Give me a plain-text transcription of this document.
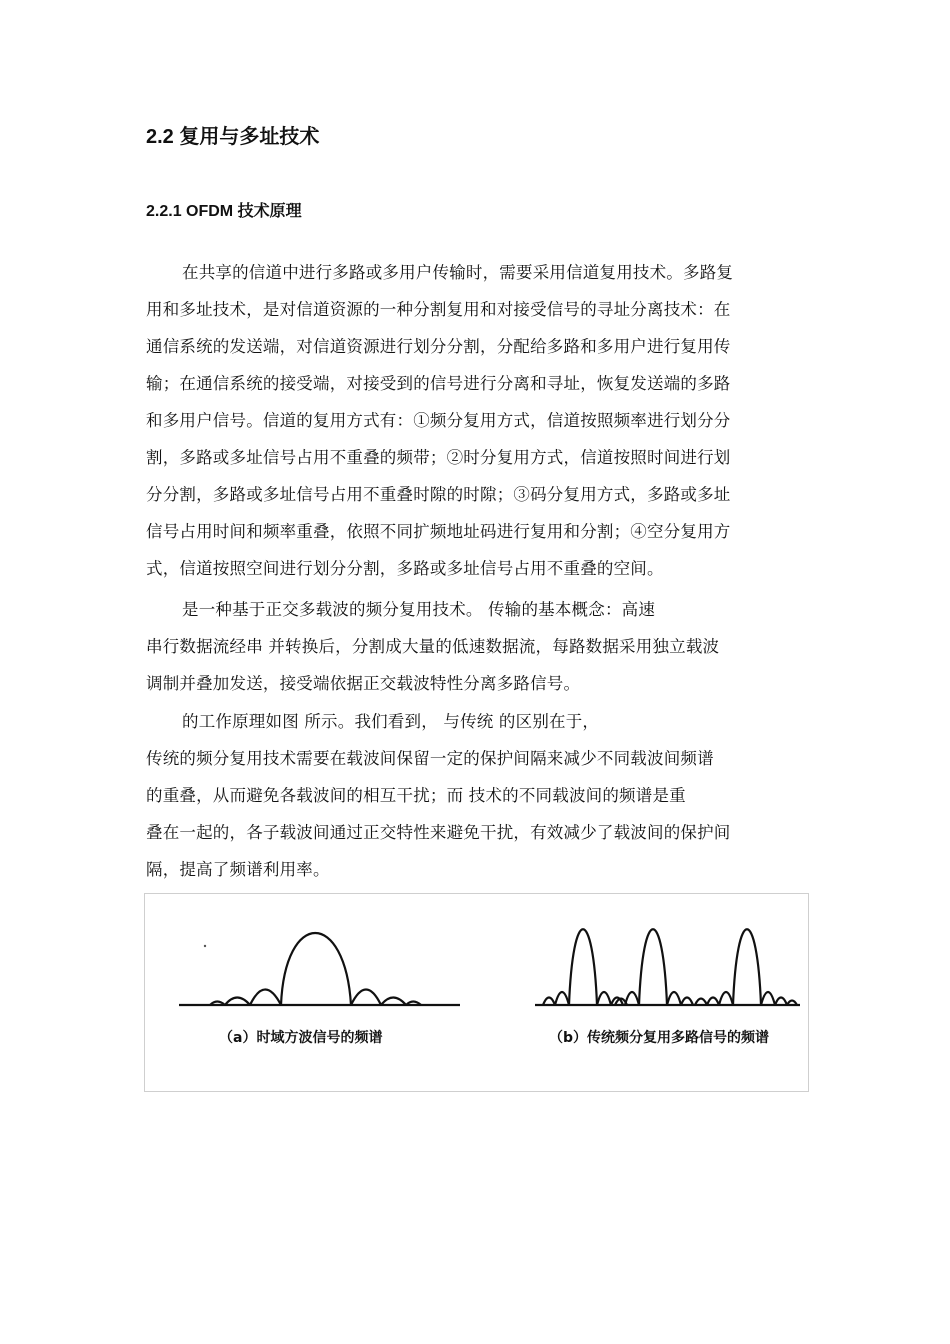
2.2 复用与多址技术
2.2.1 OFDM 技术原理
在共享的信道中进行多路或多用户传输时，需要采用信道复用技术。多路复
用和多址技术，是对信道资源的一种分割复用和对接受信号的寻址分离技术：在
通信系统的发送端，对信道资源进行划分分割，分配给多路和多用户进行复用传
输；在通信系统的接受端，对接受到的信号进行分离和寻址，恢复发送端的多路
和多用户信号。信道的复用方式有：①频分复用方式，信道按照频率进行划分分
割，多路或多址信号占用不重叠的频带；②时分复用方式，信道按照时间进行划
分分割，多路或多址信号占用不重叠时隙的时隙；③码分复用方式，多路或多址
信号占用时间和频率重叠，依照不同扩频地址码进行复用和分割；④空分复用方
式，信道按照空间进行划分分割，多路或多址信号占用不重叠的空间。
是一种基于正交多载波的频分复用技术。 传输的基本概念：高速
串行数据流经串 并转换后，分割成大量的低速数据流，每路数据采用独立载波
调制并叠加发送，接受端依据正交载波特性分离多路信号。
的工作原理如图 所示。我们看到， 与传统 的区别在于，
传统的频分复用技术需要在载波间保留一定的保护间隔来减少不同载波间频谱
的重叠，从而避免各载波间的相互干扰；而 技术的不同载波间的频谱是重
叠在一起的，各子载波间通过正交特性来避免干扰，有效减少了载波间的保护间
隔，提高了频谱利用率。
（a）时域方波信号的频谱	（b）传统频分复用多路信号的频谱
